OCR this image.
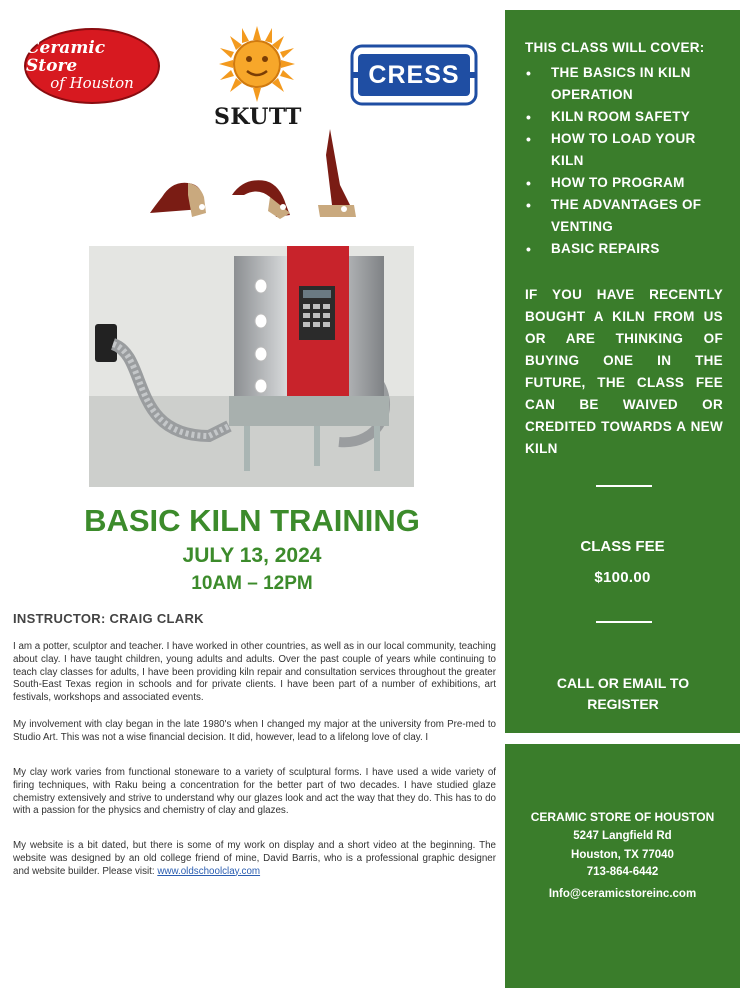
Ceramic Store
of Houston
SKUTT
CRESS
BASIC KILN TRAINING
JULY 13, 2024
10AM – 12PM
INSTRUCTOR: CRAIG CLARK

I am a potter, sculptor and teacher. I have worked in other countries, as well as in our local community, teaching about clay. I have taught children, young adults and adults. Over the past couple of years while continuing to teach clay classes for adults, I have been providing kiln repair and consultation services throughout the greater South-East Texas region in schools and for private clients. I have been part of a number of exhibitions, art festivals, workshops and associated events.

My involvement with clay began in the late 1980's when I changed my major at the university from Pre-med to Studio Art. This was not a wise financial decision. It did, however, lead to a lifelong love of clay. I

My clay work varies from functional stoneware to a variety of sculptural forms. I have used a wide variety of firing techniques, with Raku being a concentration for the better part of two decades. I have studied glaze chemistry extensively and strive to understand why our glazes look and act the way that they do. This has to do with a passion for the physics and chemistry of clay and glazes.

My website is a bit dated, but there is some of my work on display and a short video at the beginning. The website was designed by an old college friend of mine, David Barris, who is a professional graphic designer and website builder. Please visit: www.oldschoolclay.com

THIS CLASS WILL COVER:
• THE BASICS IN KILN OPERATION
• KILN ROOM SAFETY
• HOW TO LOAD YOUR KILN
• HOW TO PROGRAM
• THE ADVANTAGES OF VENTING
• BASIC REPAIRS
IF YOU HAVE RECENTLY BOUGHT A KILN FROM US OR ARE THINKING OF BUYING ONE IN THE FUTURE, THE CLASS FEE CAN BE WAIVED OR CREDITED TOWARDS A NEW KILN
CLASS FEE
$100.00
CALL OR EMAIL TO REGISTER
CERAMIC STORE OF HOUSTON
5247 Langfield Rd
Houston, TX 77040
713-864-6442
Info@ceramicstoreinc.com
